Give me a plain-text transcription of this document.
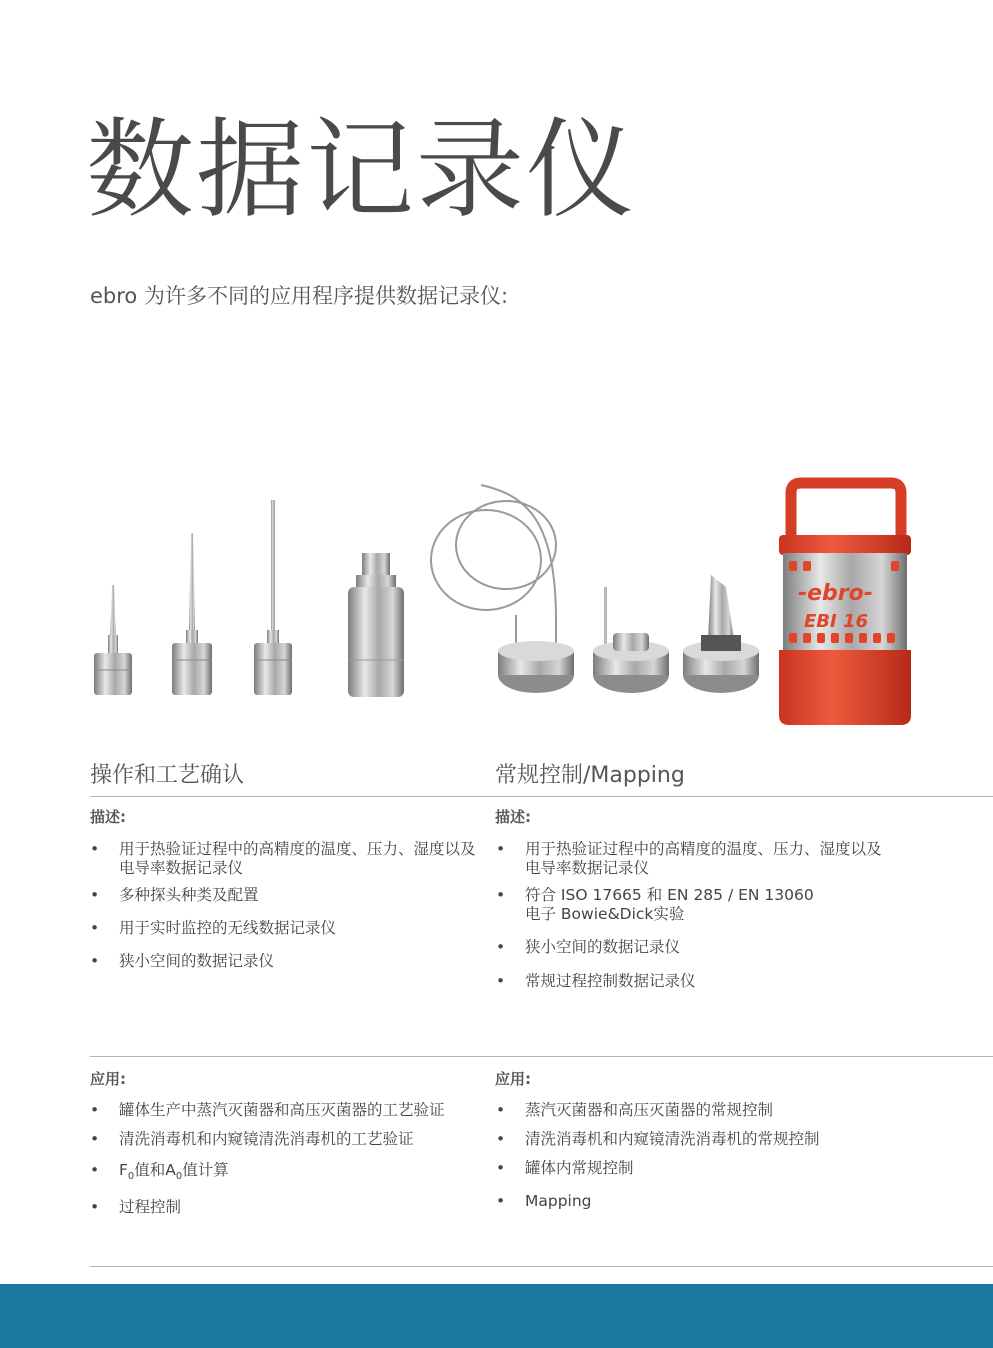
数据记录仪
ebro 为许多不同的应用程序提供数据记录仪:
-ebro-
EBI 16
操作和工艺确认	常规控制/Mapping
描述:	描述:
• 用于热验证过程中的高精度的温度、压力、湿度以及电导率数据记录仪
• 多种探头种类及配置
• 用于实时监控的无线数据记录仪
• 狭小空间的数据记录仪
• 用于热验证过程中的高精度的温度、压力、湿度以及电导率数据记录仪
• 符合 ISO 17665 和 EN 285 / EN 13060　电子 Bowie&Dick实验
• 狭小空间的数据记录仪
• 常规过程控制数据记录仪
应用:	应用:
• 罐体生产中蒸汽灭菌器和高压灭菌器的工艺验证
• 清洗消毒机和内窥镜清洗消毒机的工艺验证
• $F_0$值和$A_0$值计算
• 过程控制
• 蒸汽灭菌器和高压灭菌器的常规控制
• 清洗消毒机和内窥镜清洗消毒机的常规控制
• 罐体内常规控制
• Mapping
